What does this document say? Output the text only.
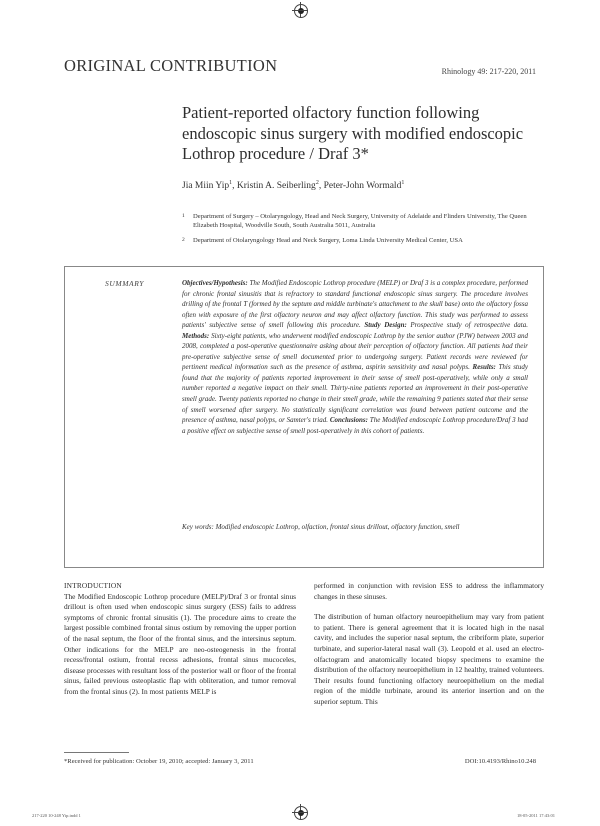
ORIGINAL CONTRIBUTION	Rhinology 49: 217-220, 2011
Patient-reported olfactory function following endoscopic sinus surgery with modified endoscopic Lothrop procedure / Draf 3*
Jia Miin Yip$^1$, Kristin A. Seiberling$^2$, Peter-John Wormald$^1$
1	Department of Surgery – Otolaryngology, Head and Neck Surgery, University of Adelaide and Flinders University, The Queen Elizabeth Hospital, Woodville South, South Australia 5011, Australia
2	Department of Otolaryngology Head and Neck Surgery, Loma Linda University Medical Center, USA
SUMMARY	Objectives/Hypothesis: The Modified Endoscopic Lothrop procedure (MELP) or Draf 3 is a complex procedure, performed for chronic frontal sinusitis that is refractory to standard functional endoscopic sinus surgery. The procedure involves drilling of the frontal T (formed by the septum and middle turbinate's attachment to the skull base) onto the olfactory fossa often with exposure of the first olfactory neuron and may affect olfactory function. This study was performed to assess patients' subjective sense of smell following this procedure. Study Design: Prospective study of retrospective data. Methods: Sixty-eight patients, who underwent modified endoscopic Lothrop by the senior author (PJW) between 2003 and 2008, completed a post-operative questionnaire asking about their perception of olfactory function. All patients had their pre-operative subjective sense of smell documented prior to undergoing surgery. Patient records were reviewed for pertinent medical information such as the presence of asthma, aspirin sensitivity and nasal polyps. Results: This study found that the majority of patients reported improvement in their sense of smell post-operatively, while only a small number reported a negative impact on their smell. Thirty-nine patients reported an improvement in their post-operative smell grade. Twenty patients reported no change in their smell grade, while the remaining 9 patients stated that their sense of smell worsened after surgery. No statistically significant correlation was found between patient outcome and the presence of asthma, nasal polyps, or Samter's triad. Conclusions: The Modified endoscopic Lothrop procedure/Draf 3 had a positive effect on subjective sense of smell post-operatively in this cohort of patients.
Key words: Modified endoscopic Lothrop, olfaction, frontal sinus drillout, olfactory function, smell
INTRODUCTION

The Modified Endoscopic Lothrop procedure (MELP)/Draf 3 or frontal sinus drillout is often used when endoscopic sinus surgery (ESS) fails to address symptoms of chronic frontal sinusitis (1). The procedure aims to create the largest possible combined frontal sinus ostium by removing the upper portion of the nasal septum, the floor of the frontal sinus, and the intersinus septum. Other indications for the MELP are neo-osteogenesis in the frontal recess/frontal ostium, frontal recess adhesions, frontal sinus mucoceles, disease processes with resultant loss of the posterior wall or floor of the frontal sinus, failed previous osteoplastic flap with obliteration, and tumor removal from the frontal sinus (2). In most patients MELP is

performed in conjunction with revision ESS to address the inflammatory changes in these sinuses.

The distribution of human olfactory neuroepithelium may vary from patient to patient. There is general agreement that it is located high in the nasal cavity, and includes the superior nasal septum, the cribriform plate, superior turbinate, and superior-lateral nasal wall (3). Leopold et al. used an electro-olfactogram and anatomically located biopsy specimens to examine the distribution of the olfactory neuroepithelium in 12 healthy, trained volunteers. Their results found functioning olfactory neuroepithelium on the medial region of the middle turbinate, around its anterior insertion and on the superior septum. This

*Received for publication: October 19, 2010; accepted: January 3, 2011	DOI:10.4193/Rhino10.248
217-220 10-248 Yip.indd 1	18-05-2011 17:43:01
